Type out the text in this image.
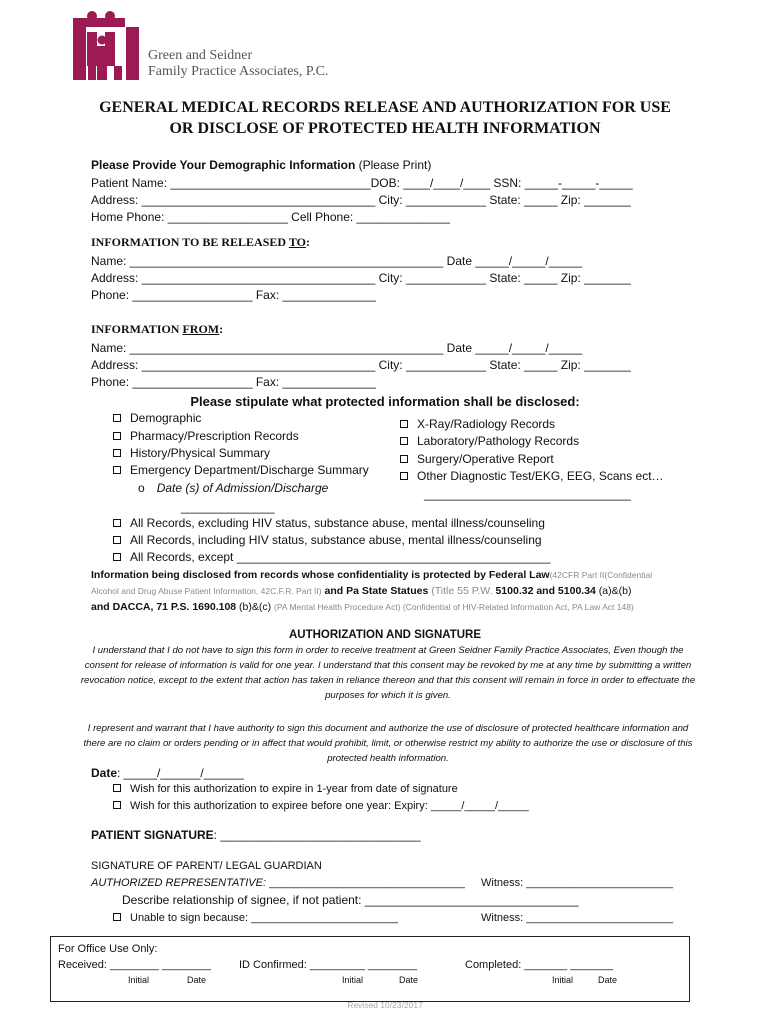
Green and Seidner
Family Practice Associates, P.C.
GENERAL MEDICAL RECORDS RELEASE AND AUTHORIZATION FOR USE
OR DISCLOSE OF PROTECTED HEALTH INFORMATION
Please Provide Your Demographic Information (Please Print)
Patient Name: ______________________________DOB: ____/____/____ SSN: _____-_____-_____
Address: ___________________________________ City: ____________ State: _____ Zip: _______
Home Phone: __________________ Cell Phone: ______________
INFORMATION TO BE RELEASED TO:
Name: _______________________________________________ Date _____/_____/_____
Address: ___________________________________ City: ____________ State: _____ Zip: _______
Phone: __________________ Fax: ______________
INFORMATION FROM:
Name: _______________________________________________ Date _____/_____/_____
Address: ___________________________________ City: ____________ State: _____ Zip: _______
Phone: __________________ Fax: ______________
Please stipulate what protected information shall be disclosed:
Demographic
Pharmacy/Prescription Records
History/Physical Summary
Emergency Department/Discharge Summary
o Date (s) of Admission/Discharge
______________
X-Ray/Radiology Records
Laboratory/Pathology Records
Surgery/Operative Report
Other Diagnostic Test/EKG, EEG, Scans ect…
_______________________________
All Records, excluding HIV status, substance abuse, mental illness/counseling
All Records, including HIV status, substance abuse, mental illness/counseling
All Records, except _______________________________________________
Information being disclosed from records whose confidentiality is protected by Federal Law(42CFR Part II(Confidential
Alcohol and Drug Abuse Patient Information, 42C.F.R. Part II) and Pa State Statues (Title 55 P.W. 5100.32 and 5100.34 (a)&(b)
and DACCA, 71 P.S. 1690.108 (b)&(c) (PA Mental Health Procedure Act) (Confidential of HIV-Related Information Act, PA Law Act 148)
AUTHORIZATION AND SIGNATURE
I understand that I do not have to sign this form in order to receive treatment at Green Seidner Family Practice Associates, Even though the consent for release of information is valid for one year. I understand that this consent may be revoked by me at any time by submitting a written revocation notice, except to the extent that action has taken in reliance thereon and that this consent will remain in force in order to effectuate the purposes for which it is given.
I represent and warrant that I have authority to sign this document and authorize the use of disclosure of protected healthcare information and there are no claim or orders pending or in affect that would prohibit, limit, or otherwise restrict my ability to authorize the use or disclosure of this protected health information.
Date: _____/______/______
Wish for this authorization to expire in 1-year from date of signature
Wish for this authorization to expiree before one year: Expiry: _____/_____/_____
PATIENT SIGNATURE: ______________________________
SIGNATURE OF PARENT/ LEGAL GUARDIAN
AUTHORIZED REPRESENTATIVE: ________________________________ Witness: ________________________
Describe relationship of signee, if not patient: ________________________________
Unable to sign because: ________________________	Witness: ________________________
For Office Use Only:
Received: ________ ________	ID Confirmed: _________ ________	Completed: _______ _______
Initial	Date	Initial	Date	Initial	Date
Revised 10/23/2017
